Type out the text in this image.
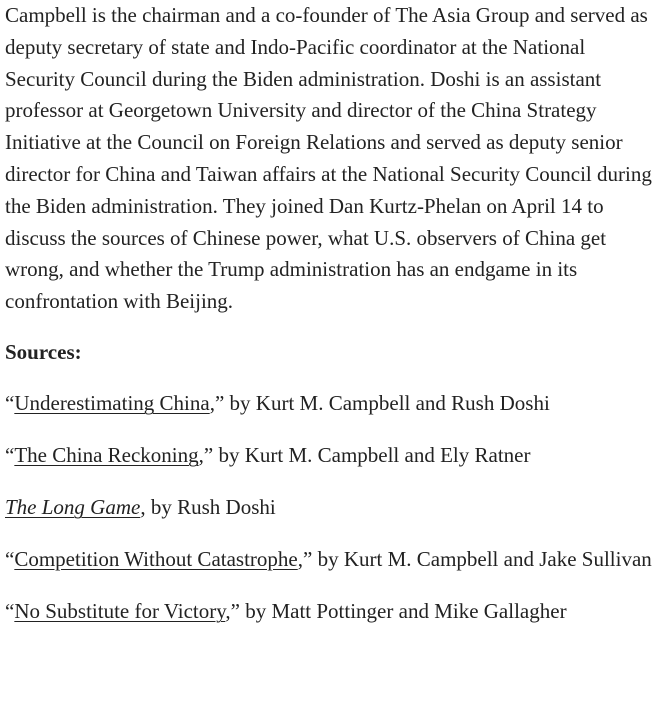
Campbell is the chairman and a co-founder of The Asia Group and served as deputy secretary of state and Indo-Pacific coordinator at the National Security Council during the Biden administration. Doshi is an assistant professor at Georgetown University and director of the China Strategy Initiative at the Council on Foreign Relations and served as deputy senior director for China and Taiwan affairs at the National Security Council during the Biden administration. They joined Dan Kurtz-Phelan on April 14 to discuss the sources of Chinese power, what U.S. observers of China get wrong, and whether the Trump administration has an endgame in its confrontation with Beijing.

Sources:

“Underestimating China,” by Kurt M. Campbell and Rush Doshi

“The China Reckoning,” by Kurt M. Campbell and Ely Ratner

The Long Game, by Rush Doshi

“Competition Without Catastrophe,” by Kurt M. Campbell and Jake Sullivan

“No Substitute for Victory,” by Matt Pottinger and Mike Gallagher
